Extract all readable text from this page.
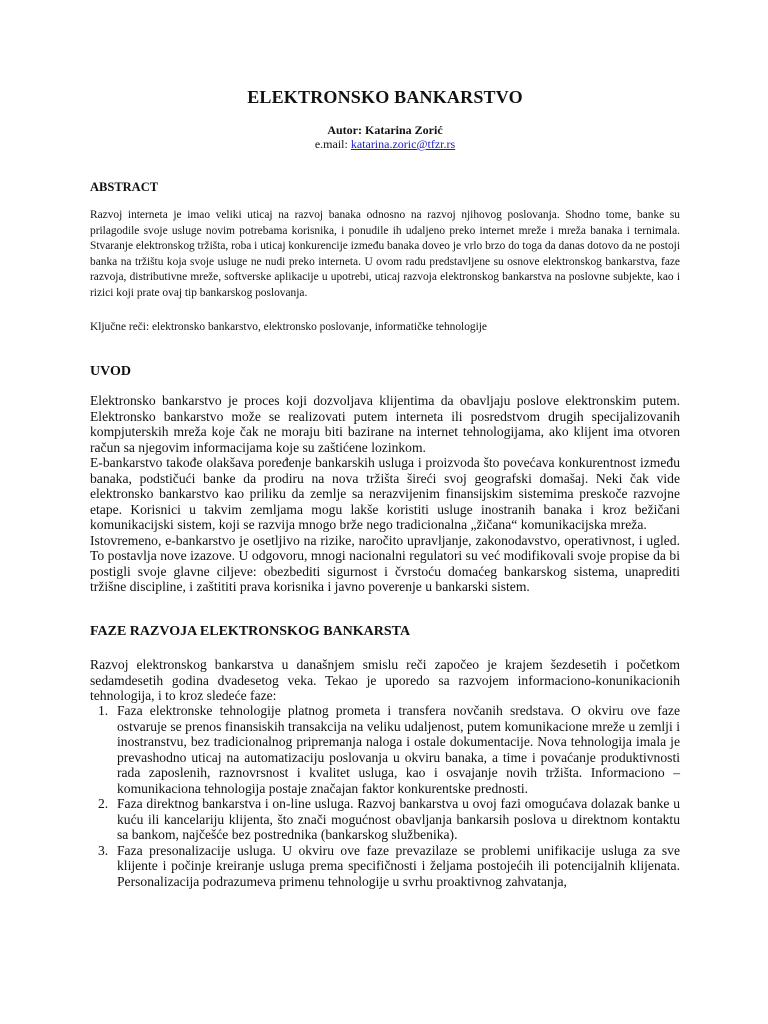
ELEKTRONSKO BANKARSTVO
Autor: Katarina Zorić
e.mail: katarina.zoric@tfzr.rs
ABSTRACT

Razvoj interneta je imao veliki uticaj na razvoj banaka odnosno na razvoj njihovog poslovanja. Shodno tome, banke su prilagodile svoje usluge novim potrebama korisnika, i ponudile ih udaljeno preko internet mreže i mreža banaka i ternimala. Stvaranje elektronskog tržišta, roba i uticaj konkurencije između banaka doveo je vrlo brzo do toga da danas dotovo da ne postoji banka na tržištu koja svoje usluge ne nudi preko interneta. U ovom radu predstavljene su osnove elektronskog bankarstva, faze razvoja, distributivne mreže, softverske aplikacije u upotrebi, uticaj razvoja elektronskog bankarstva na poslovne subjekte, kao i rizici koji prate ovaj tip bankarskog poslovanja.

Ključne reči: elektronsko bankarstvo, elektronsko poslovanje, informatičke tehnologije

UVOD

Elektronsko bankarstvo je proces koji dozvoljava klijentima da obavljaju poslove elektronskim putem. Elektronsko bankarstvo može se realizovati putem interneta ili posredstvom drugih specijalizovanih kompjuterskih mreža koje čak ne moraju biti bazirane na internet tehnologijama, ako klijent ima otvoren račun sa njegovim informacijama koje su zaštićene lozinkom.

E-bankarstvo takođe olakšava poređenje bankarskih usluga i proizvoda što povećava konkurentnost između banaka, podstičući banke da prodiru na nova tržišta šireći svoj geografski domašaj. Neki čak vide elektronsko bankarstvo kao priliku da zemlje sa nerazvijenim finansijskim sistemima preskoče razvojne etape. Korisnici u takvim zemljama mogu lakše koristiti usluge inostranih banaka i kroz bežičani komunikacijski sistem, koji se razvija mnogo brže nego tradicionalna „žičana“ komunikacijska mreža.

Istovremeno, e-bankarstvo je osetljivo na rizike, naročito upravljanje, zakonodavstvo, operativnost, i ugled. To postavlja nove izazove. U odgovoru, mnogi nacionalni regulatori su već modifikovali svoje propise da bi postigli svoje glavne ciljeve: obezbediti sigurnost i čvrstoću domaćeg bankarskog sistema, unaprediti tržišne discipline, i zaštititi prava korisnika i javno poverenje u bankarski sistem.

FAZE RAZVOJA ELEKTRONSKOG BANKARSTA

Razvoj elektronskog bankarstva u današnjem smislu reči započeo je krajem šezdesetih i početkom sedamdesetih godina dvadesetog veka. Tekao je uporedo sa razvojem informaciono-konunikacionih tehnologija, i to kroz sledeće faze:

1. Faza elektronske tehnologije platnog prometa i transfera novčanih sredstava. O okviru ove faze ostvaruje se prenos finansiskih transakcija na veliku udaljenost, putem komunikacione mreže u zemlji i inostranstvu, bez tradicionalnog pripremanja naloga i ostale dokumentacije. Nova tehnologija imala je prevashodno uticaj na automatizaciju poslovanja u okviru banaka, a time i povaćanje produktivnosti rada zaposlenih, raznovrsnost i kvalitet usluga, kao i osvajanje novih tržišta. Informaciono – komunikaciona tehnologija postaje značajan faktor konkurentske prednosti.
2. Faza direktnog bankarstva i on-line usluga. Razvoj bankarstva u ovoj fazi omogućava dolazak banke u kuću ili kancelariju klijenta, što znači mogućnost obavljanja bankarsih poslova u direktnom kontaktu sa bankom, najčešće bez postrednika (bankarskog službenika).
3. Faza presonalizacije usluga. U okviru ove faze prevazilaze se problemi unifikacije usluga za sve klijente i počinje kreiranje usluga prema specifičnosti i željama postojećih ili potencijalnih klijenata. Personalizacija podrazumeva primenu tehnologije u svrhu proaktivnog zahvatanja,
